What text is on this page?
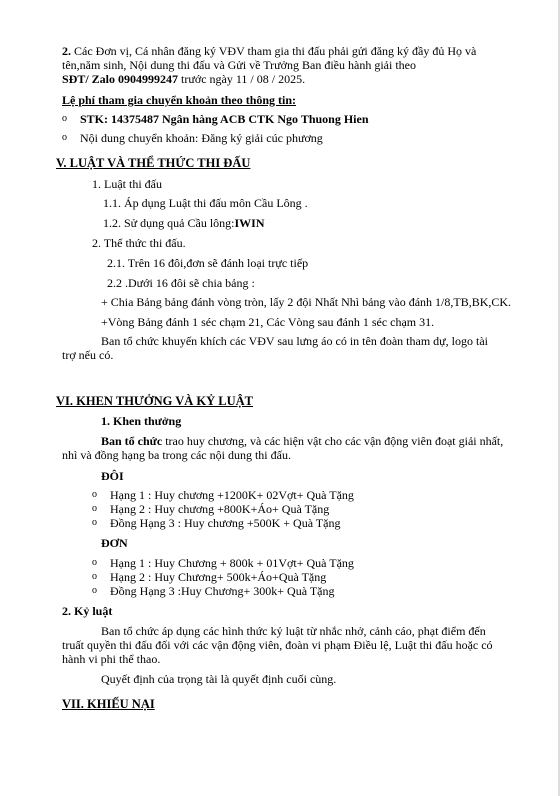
2. Các Đơn vị, Cá nhân đăng ký VĐV tham gia thi đấu phải gửi đăng ký đầy đủ Họ và
tên,năm sinh, Nội dung thi đấu và Gửi về Trưởng Ban điều hành giải theo
SĐT/ Zalo 0904999247 trước ngày 11 / 08 / 2025.
Lệ phí tham gia chuyển khoản theo thông tin:
o STK: 14375487 Ngân hàng ACB CTK Ngo Thuong Hien
o Nội dung chuyển khoản: Đăng ký giải cúc phương
V. LUẬT VÀ THỂ THỨC THI ĐẤU
1. Luật thi đấu
1.1. Áp dụng Luật thi đấu môn Cầu Lông .
1.2. Sử dụng quả Cầu lông:IWIN
2. Thể thức thi đấu.
2.1. Trên 16 đôi,đơn sẽ đánh loại trực tiếp
2.2 .Dưới 16 đôi sẽ chia bảng :
+ Chia Bảng bảng đánh vòng tròn, lấy 2 đội Nhất Nhì bảng vào đánh 1/8,TB,BK,CK.
+Vòng Bảng đánh 1 séc chạm 21, Các Vòng sau đánh 1 séc chạm 31.
Ban tổ chức khuyến khích các VĐV sau lưng áo có in tên đoàn tham dự, logo tài
trợ nếu có.
VI. KHEN THƯỞNG VÀ KỶ LUẬT
1. Khen thưởng
Ban tổ chức trao huy chương, và các hiện vật cho các vận động viên đoạt giải nhất,
nhì và đồng hạng ba trong các nội dung thi đấu.
ĐÔI
o Hạng 1 : Huy chương +1200K+ 02Vợt+ Quà Tặng
o Hạng 2 : Huy chương +800K+Áo+ Quà Tặng
o Đồng Hạng 3 : Huy chương +500K + Quà Tặng
ĐƠN
o Hạng 1 : Huy Chương + 800k + 01Vợt+ Quà Tặng
o Hạng 2 : Huy Chương+ 500k+Áo+Quà Tặng
o Đồng Hạng 3 :Huy Chương+ 300k+ Quà Tặng
2. Kỷ luật
Ban tổ chức áp dụng các hình thức kỷ luật từ nhắc nhở, cảnh cáo, phạt điểm đến
truất quyền thi đấu đối với các vận động viên, đoàn vi phạm Điều lệ, Luật thi đấu hoặc có
hành vi phi thể thao.
Quyết định của trọng tài là quyết định cuối cùng.
VII. KHIẾU NẠI
